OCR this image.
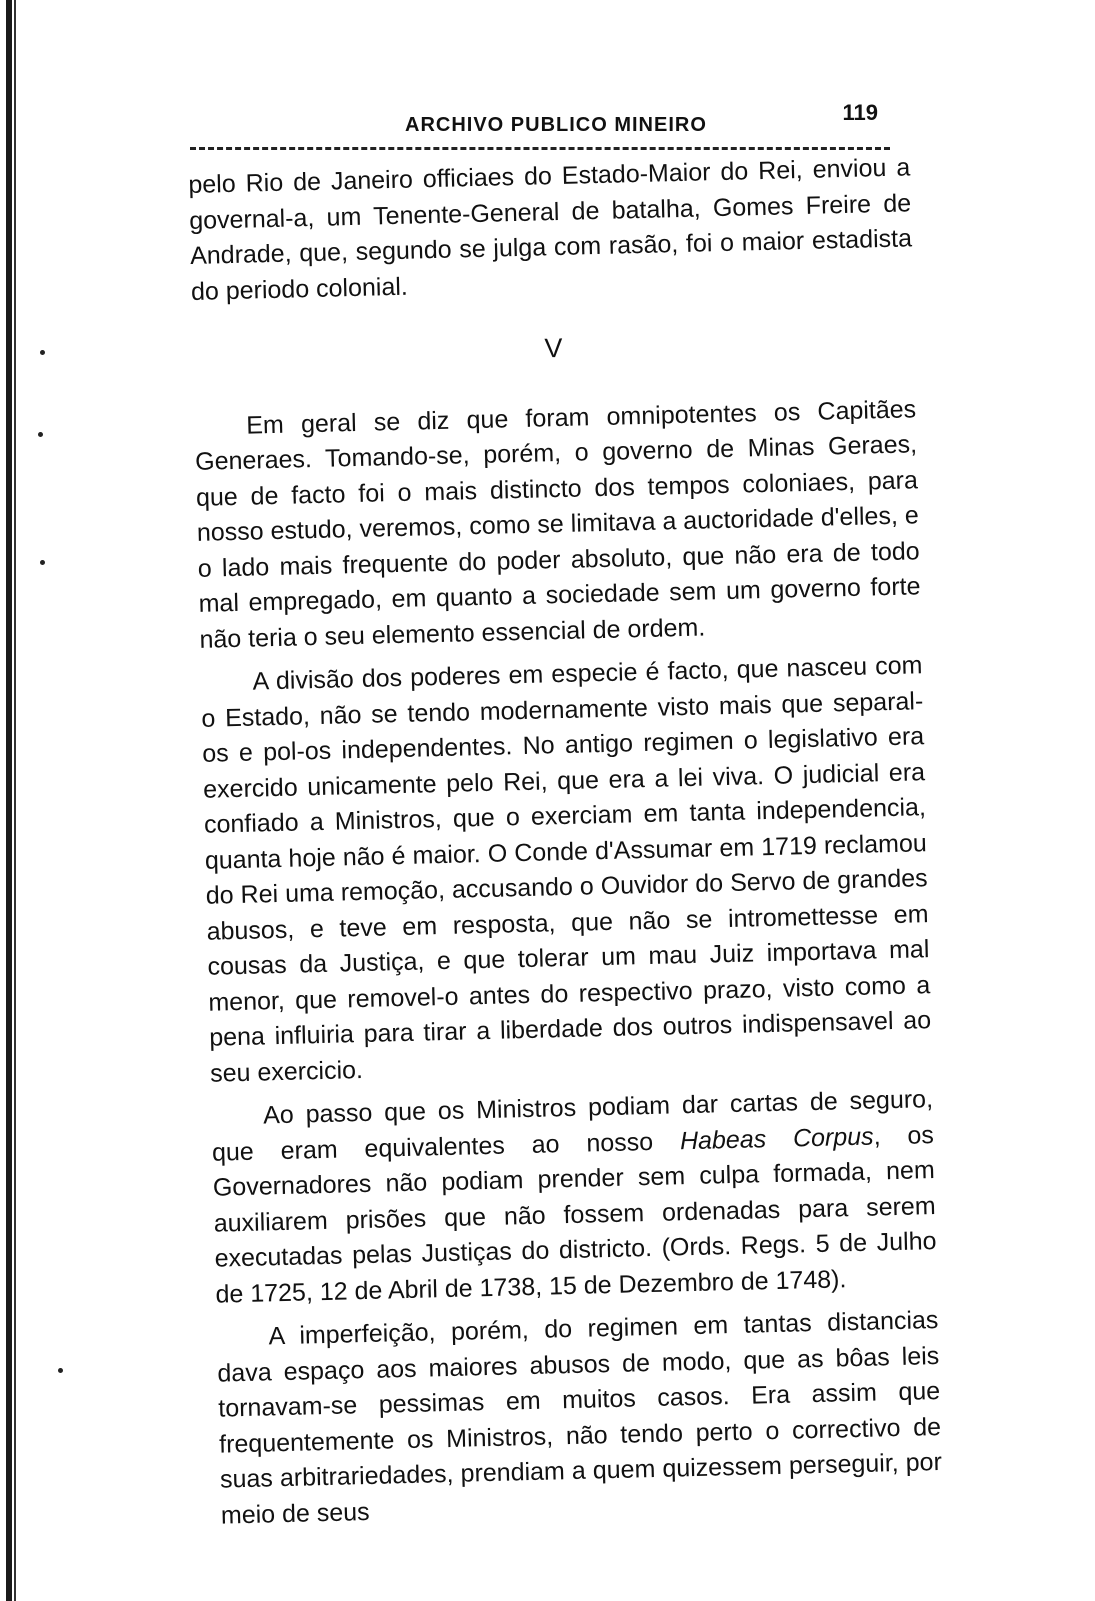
ARCHIVO PUBLICO MINEIRO	119

pelo Rio de Janeiro officiaes do Estado-Maior do Rei, enviou a governal-a, um Tenente-General de batalha, Gomes Freire de Andrade, que, segundo se julga com rasão, foi o maior estadista do periodo colonial.

V

Em geral se diz que foram omnipotentes os Capitães Generaes. Tomando-se, porém, o governo de Minas Geraes, que de facto foi o mais distincto dos tempos coloniaes, para nosso estudo, veremos, como se limitava a auctoridade d'elles, e o lado mais frequente do poder absoluto, que não era de todo mal empregado, em quanto a sociedade sem um governo forte não teria o seu elemento essencial de ordem.

A divisão dos poderes em especie é facto, que nasceu com o Estado, não se tendo modernamente visto mais que separal-os e pol-os independentes. No antigo regimen o legislativo era exercido unicamente pelo Rei, que era a lei viva. O judicial era confiado a Ministros, que o exerciam em tanta independencia, quanta hoje não é maior. O Conde d'Assumar em 1719 reclamou do Rei uma remoção, accusando o Ouvidor do Servo de grandes abusos, e teve em resposta, que não se intromettesse em cousas da Justiça, e que tolerar um mau Juiz importava mal menor, que removel-o antes do respectivo prazo, visto como a pena influiria para tirar a liberdade dos outros indispensavel ao seu exercicio.

Ao passo que os Ministros podiam dar cartas de seguro, que eram equivalentes ao nosso Habeas Corpus, os Governadores não podiam prender sem culpa formada, nem auxiliarem prisões que não fossem ordenadas para serem executadas pelas Justiças do districto. (Ords. Regs. 5 de Julho de 1725, 12 de Abril de 1738, 15 de Dezembro de 1748).

A imperfeição, porém, do regimen em tantas distancias dava espaço aos maiores abusos de modo, que as bôas leis tornavam-se pessimas em muitos casos. Era assim que frequentemente os Ministros, não tendo perto o correctivo de suas arbitrariedades, prendiam a quem quizessem perseguir, por meio de seus
